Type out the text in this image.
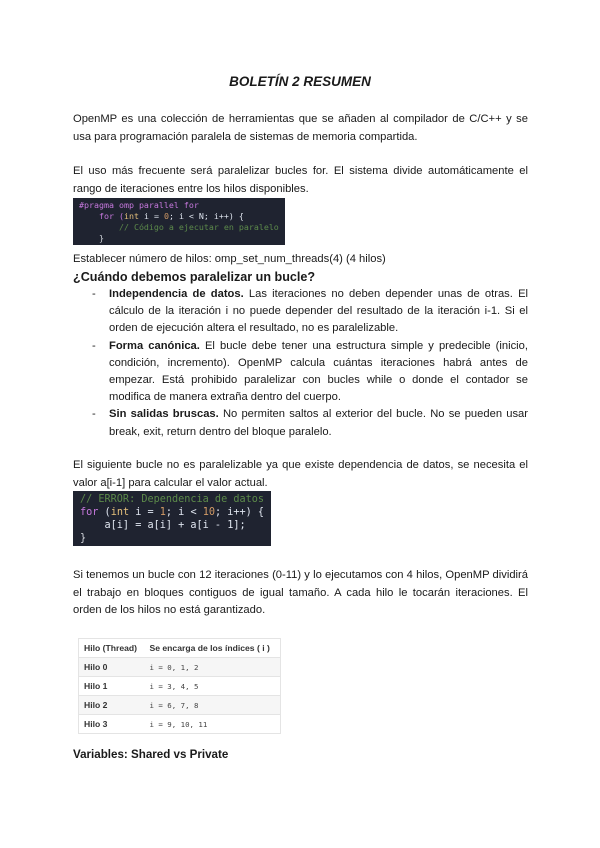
BOLETÍN 2 RESUMEN

OpenMP es una colección de herramientas que se añaden al compilador de C/C++ y se usa para programación paralela de sistemas de memoria compartida.

El uso más frecuente será paralelizar bucles for. El sistema divide automáticamente el rango de iteraciones entre los hilos disponibles.

#pragma omp parallel for
for (int i = 0; i < N; i++) {
// Código a ejecutar en paralelo
}
Establecer número de hilos: omp_set_num_threads(4) (4 hilos)
¿Cuándo debemos paralelizar un bucle?
- Independencia de datos. Las iteraciones no deben depender unas de otras. El cálculo de la iteración i no puede depender del resultado de la iteración i-1. Si el orden de ejecución altera el resultado, no es paralelizable.
- Forma canónica. El bucle debe tener una estructura simple y predecible (inicio, condición, incremento). OpenMP calcula cuántas iteraciones habrá antes de empezar. Está prohibido paralelizar con bucles while o donde el contador se modifica de manera extraña dentro del cuerpo.
- Sin salidas bruscas. No permiten saltos al exterior del bucle. No se pueden usar break, exit, return dentro del bloque paralelo.

El siguiente bucle no es paralelizable ya que existe dependencia de datos, se necesita el valor a[i-1] para calcular el valor actual.

// ERROR: Dependencia de datos
for (int i = 1; i < 10; i++) {
a[i] = a[i] + a[i - 1];
}

Si tenemos un bucle con 12 iteraciones (0-11) y lo ejecutamos con 4 hilos, OpenMP dividirá el trabajo en bloques contiguos de igual tamaño. A cada hilo le tocarán iteraciones. El orden de los hilos no está garantizado.

Hilo (Thread)	Se encarga de los índices ( i )
Hilo 0	i = 0, 1, 2
Hilo 1	i = 3, 4, 5
Hilo 2	i = 6, 7, 8
Hilo 3	i = 9, 10, 11
Variables: Shared vs Private
